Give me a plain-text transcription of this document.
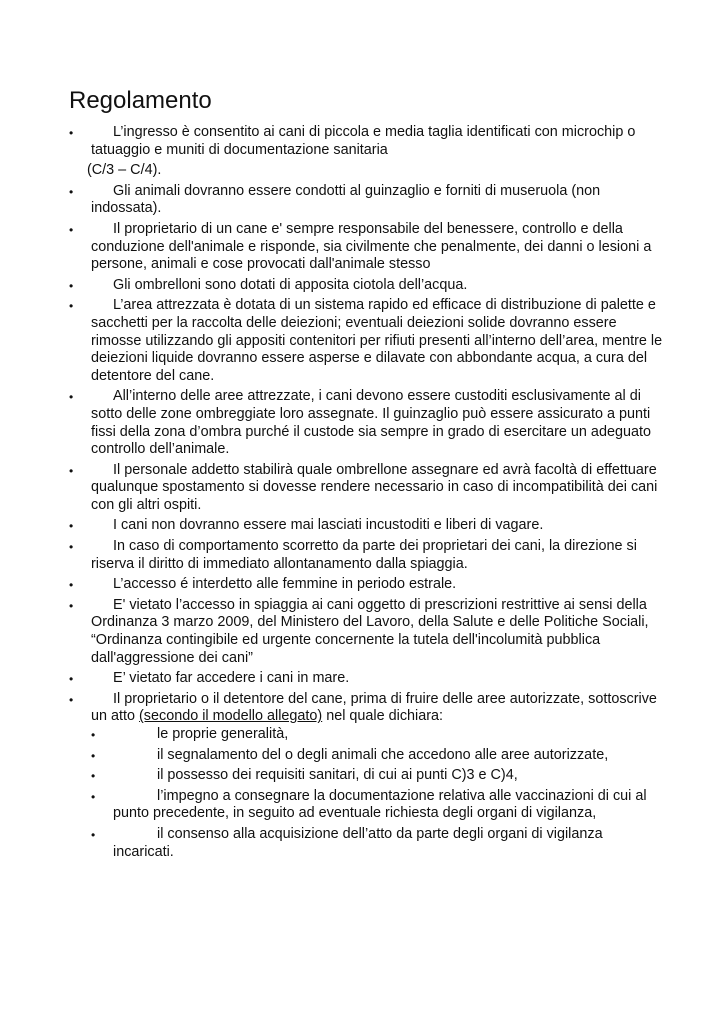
Regolamento
• L’ingresso è consentito ai cani di piccola e media taglia identificati con microchip o tatuaggio e muniti di documentazione sanitaria
(C/3 – C/4).
• Gli animali dovranno essere condotti al guinzaglio e forniti di museruola (non indossata).
• Il proprietario di un cane e' sempre responsabile del benessere, controllo e della conduzione dell'animale e risponde, sia civilmente che penalmente, dei danni o lesioni a persone, animali e cose provocati dall'animale stesso
• Gli ombrelloni sono dotati di apposita ciotola dell’acqua.
• L’area attrezzata è dotata di un sistema rapido ed efficace di distribuzione di palette e sacchetti per la raccolta delle deiezioni; eventuali deiezioni solide dovranno essere rimosse utilizzando gli appositi contenitori per rifiuti presenti all’interno dell’area, mentre le deiezioni liquide dovranno essere asperse e dilavate con abbondante acqua, a cura del detentore del cane.
• All’interno delle aree attrezzate, i cani devono essere custoditi esclusivamente al di sotto delle zone ombreggiate loro assegnate. Il guinzaglio può essere assicurato a punti fissi della zona d’ombra purché il custode sia sempre in grado di esercitare un adeguato controllo dell’animale.
• Il personale addetto stabilirà quale ombrellone assegnare ed avrà facoltà di effettuare qualunque spostamento si dovesse rendere necessario in caso di incompatibilità dei cani con gli altri ospiti.
• I cani non dovranno essere mai lasciati incustoditi e liberi di vagare.
• In caso di comportamento scorretto da parte dei proprietari dei cani, la direzione si riserva il diritto di immediato allontanamento dalla spiaggia.
• L’accesso é interdetto alle femmine in periodo estrale.
• E' vietato l’accesso in spiaggia ai cani oggetto di prescrizioni restrittive ai sensi della Ordinanza 3 marzo 2009, del Ministero del Lavoro, della Salute e delle Politiche Sociali, “Ordinanza contingibile ed urgente concernente la tutela dell'incolumità pubblica dall'aggressione dei cani”
• E’ vietato far accedere i cani in mare.
• Il proprietario o il detentore del cane, prima di fruire delle aree autorizzate, sottoscrive un atto (secondo il modello allegato) nel quale dichiara:
• le proprie generalità,
• il segnalamento del o degli animali che accedono alle aree autorizzate,
• il possesso dei requisiti sanitari, di cui ai punti C)3 e C)4,
• l’impegno a consegnare la documentazione relativa alle vaccinazioni di cui al punto precedente, in seguito ad eventuale richiesta degli organi di vigilanza,
• il consenso alla acquisizione dell’atto da parte degli organi di vigilanza incaricati.
